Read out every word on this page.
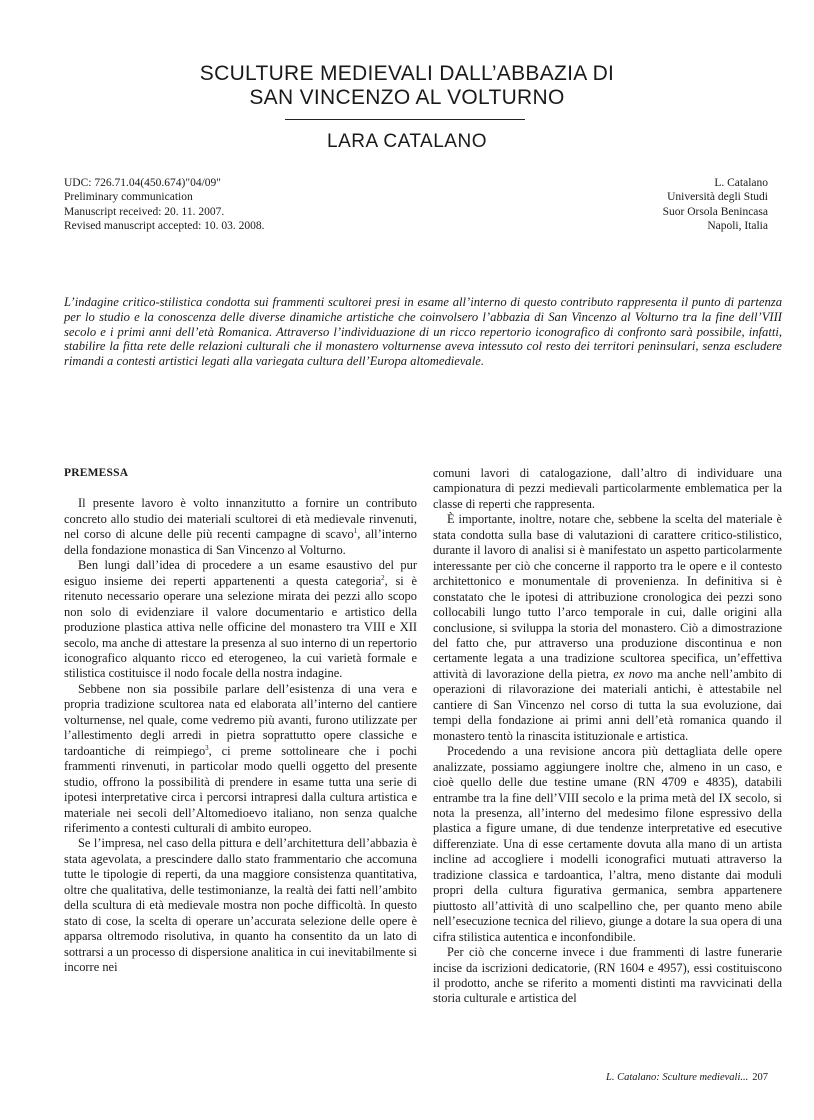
SCULTURE MEDIEVALI DALL’ABBAZIA DI
SAN VINCENZO AL VOLTURNO
LARA CATALANO
UDC: 726.71.04(450.674)"04/09"
Preliminary communication
Manuscript received: 20. 11. 2007.
Revised manuscript accepted: 10. 03. 2008.
L. Catalano
Università degli Studi
Suor Orsola Benincasa
Napoli, Italia
L’indagine critico-stilistica condotta sui frammenti scultorei presi in esame all’interno di questo contributo rappresenta il punto di partenza per lo studio e la conoscenza delle diverse dinamiche artistiche che coinvolsero l’abbazia di San Vincenzo al Volturno tra la fine dell’VIII secolo e i primi anni dell’età Romanica. Attraverso l’individuazione di un ricco repertorio iconografico di confronto sarà possibile, infatti, stabilire la fitta rete delle relazioni culturali che il monastero volturnense aveva intessuto col resto dei territori peninsulari, senza escludere rimandi a contesti artistici legati alla variegata cultura dell’Europa altomedievale.
PREMESSA

Il presente lavoro è volto innanzitutto a fornire un contributo concreto allo studio dei materiali scultorei di età medievale rinvenuti, nel corso di alcune delle più recenti campagne di scavo$^1$, all’interno della fondazione monastica di San Vincenzo al Volturno.

Ben lungi dall’idea di procedere a un esame esaustivo del pur esiguo insieme dei reperti appartenenti a questa categoria$^2$, si è ritenuto necessario operare una selezione mirata dei pezzi allo scopo non solo di evidenziare il valore documentario e artistico della produzione plastica attiva nelle officine del monastero tra VIII e XII secolo, ma anche di attestare la presenza al suo interno di un repertorio iconografico alquanto ricco ed eterogeneo, la cui varietà formale e stilistica costituisce il nodo focale della nostra indagine.

Sebbene non sia possibile parlare dell’esistenza di una vera e propria tradizione scultorea nata ed elaborata all’interno del cantiere volturnense, nel quale, come vedremo più avanti, furono utilizzate per l’allestimento degli arredi in pietra soprattutto opere classiche e tardoantiche di reimpiego$^3$, ci preme sottolineare che i pochi frammenti rinvenuti, in particolar modo quelli oggetto del presente studio, offrono la possibilità di prendere in esame tutta una serie di ipotesi interpretative circa i percorsi intrapresi dalla cultura artistica e materiale nei secoli dell’Altomedioevo italiano, non senza qualche riferimento a contesti culturali di ambito europeo.

Se l’impresa, nel caso della pittura e dell’architettura dell’abbazia è stata agevolata, a prescindere dallo stato frammentario che accomuna tutte le tipologie di reperti, da una maggiore consistenza quantitativa, oltre che qualitativa, delle testimonianze, la realtà dei fatti nell’ambito della scultura di età medievale mostra non poche difficoltà. In questo stato di cose, la scelta di operare un’accurata selezione delle opere è apparsa oltremodo risolutiva, in quanto ha consentito da un lato di sottrarsi a un processo di dispersione analitica in cui inevitabilmente si incorre nei

comuni lavori di catalogazione, dall’altro di individuare una campionatura di pezzi medievali particolarmente emblematica per la classe di reperti che rappresenta.

È importante, inoltre, notare che, sebbene la scelta del materiale è stata condotta sulla base di valutazioni di carattere critico-stilistico, durante il lavoro di analisi si è manifestato un aspetto particolarmente interessante per ciò che concerne il rapporto tra le opere e il contesto architettonico e monumentale di provenienza. In definitiva si è constatato che le ipotesi di attribuzione cronologica dei pezzi sono collocabili lungo tutto l’arco temporale in cui, dalle origini alla conclusione, si sviluppa la storia del monastero. Ciò a dimostrazione del fatto che, pur attraverso una produzione discontinua e non certamente legata a una tradizione scultorea specifica, un’effettiva attività di lavorazione della pietra, ex novo ma anche nell’ambito di operazioni di rilavorazione dei materiali antichi, è attestabile nel cantiere di San Vincenzo nel corso di tutta la sua evoluzione, dai tempi della fondazione ai primi anni dell’età romanica quando il monastero tentò la rinascita istituzionale e artistica.

Procedendo a una revisione ancora più dettagliata delle opere analizzate, possiamo aggiungere inoltre che, almeno in un caso, e cioè quello delle due testine umane (RN 4709 e 4835), databili entrambe tra la fine dell’VIII secolo e la prima metà del IX secolo, si nota la presenza, all’interno del medesimo filone espressivo della plastica a figure umane, di due tendenze interpretative ed esecutive differenziate. Una di esse certamente dovuta alla mano di un artista incline ad accogliere i modelli iconografici mutuati attraverso la tradizione classica e tardoantica, l’altra, meno distante dai moduli propri della cultura figurativa germanica, sembra appartenere piuttosto all’attività di uno scalpellino che, per quanto meno abile nell’esecuzione tecnica del rilievo, giunge a dotare la sua opera di una cifra stilistica autentica e inconfondibile.

Per ciò che concerne invece i due frammenti di lastre funerarie incise da iscrizioni dedicatorie, (RN 1604 e 4957), essi costituiscono il prodotto, anche se riferito a momenti distinti ma ravvicinati della storia culturale e artistica del

L. Catalano: Sculture medievali... 207
